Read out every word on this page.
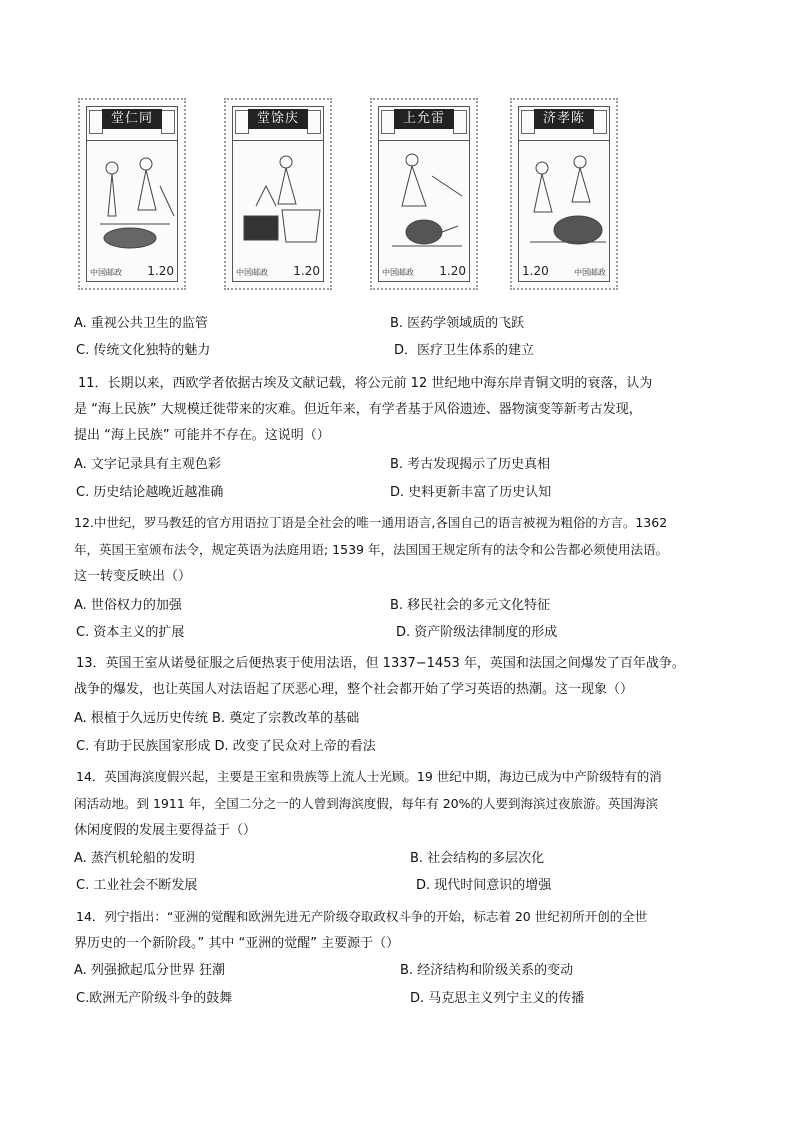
堂仁同
中国邮政 1.20
堂馀庆
中国邮政 1.20
上允雷
中国邮政 1.20
济孝陈
1.20	中国邮政
A. 重视公共卫生的监管	B. 医药学领域质的飞跃
C. 传统文化独特的魅力	D．医疗卫生体系的建立
11．长期以来，西欧学者依据古埃及文献记载，将公元前 12 世纪地中海东岸青铜文明的衰落，认为
是 “海上民族” 大规模迁徙带来的灾难。但近年来，有学者基于风俗遗迹、器物演变等新考古发现，
提出 “海上民族” 可能并不存在。这说明（）
A. 文字记录具有主观色彩	B. 考古发现揭示了历史真相
C. 历史结论越晚近越准确	D. 史料更新丰富了历史认知
12.中世纪，罗马教廷的官方用语拉丁语是全社会的唯一通用语言,各国自己的语言被视为粗俗的方言。1362
年，英国王室颁布法令，规定英语为法庭用语; 1539 年，法国国王规定所有的法令和公告都必须使用法语。
这一转变反映出（）
A. 世俗权力的加强	B. 移民社会的多元文化特征
C. 资本主义的扩展	D. 资产阶级法律制度的形成
13．英国王室从诺曼征服之后便热衷于使用法语，但 1337−1453 年，英国和法国之间爆发了百年战争。
战争的爆发，也让英国人对法语起了厌恶心理，整个社会都开始了学习英语的热潮。这一现象（）
A. 根植于久远历史传统 B. 奠定了宗教改革的基础
C. 有助于民族国家形成 D. 改变了民众对上帝的看法
14．英国海滨度假兴起，主要是王室和贵族等上流人士光顾。19 世纪中期，海边已成为中产阶级特有的消
闲活动地。到 1911 年，全国二分之一的人曾到海滨度假，每年有 20%的人要到海滨过夜旅游。英国海滨
休闲度假的发展主要得益于（）
A. 蒸汽机轮船的发明	B. 社会结构的多层次化
C. 工业社会不断发展	D. 现代时间意识的增强
14．列宁指出：“亚洲的觉醒和欧洲先进无产阶级夺取政权斗争的开始，标志着 20 世纪初所开创的全世
界历史的一个新阶段。” 其中 “亚洲的觉醒” 主要源于（）
A. 列强掀起瓜分世界 狂潮	B. 经济结构和阶级关系的变动
C.欧洲无产阶级斗争的鼓舞	D. 马克思主义列宁主义的传播
